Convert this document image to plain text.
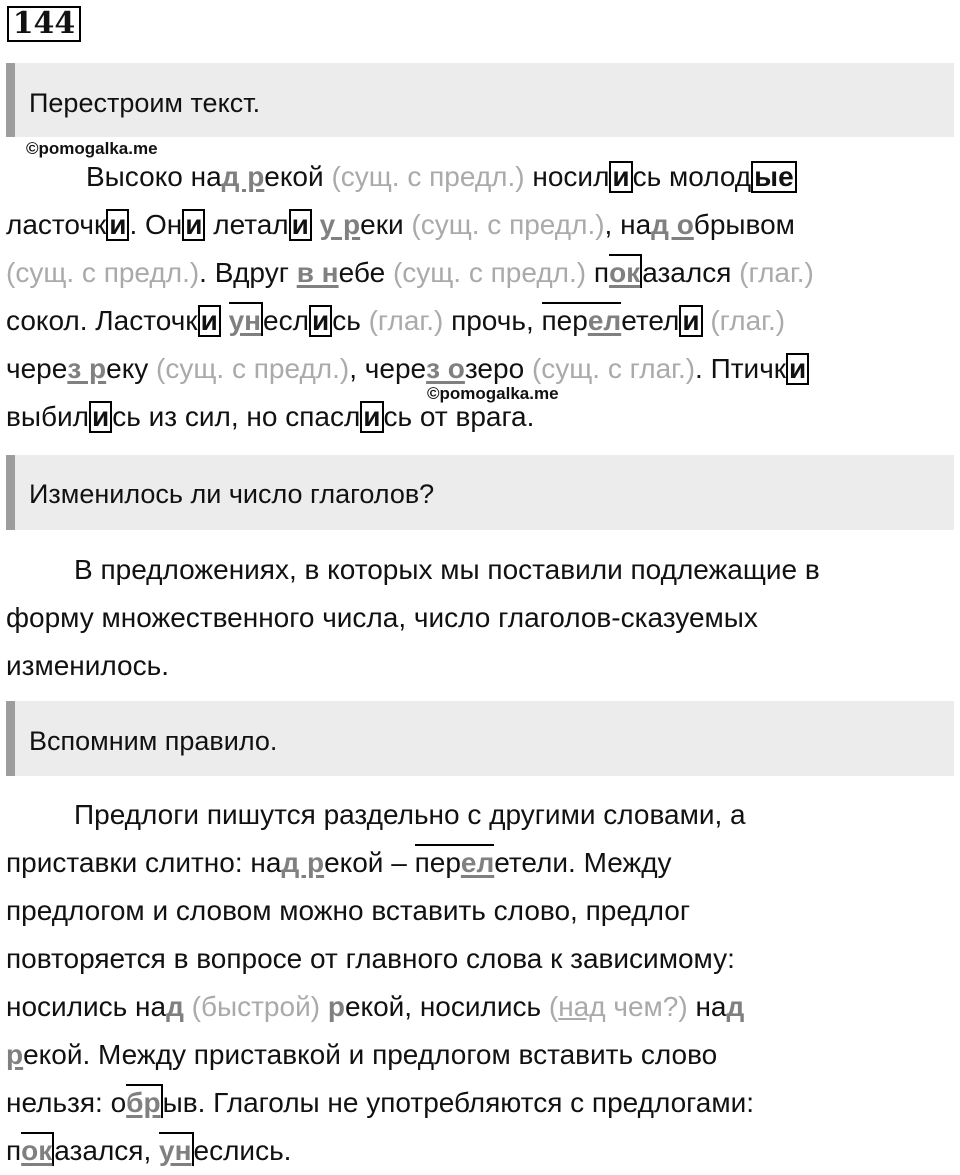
144
Перестроим текст.
©pomogalka.me
Высоко над рекой (сущ. с предл.) носил и сь молод ые
ласточк и . Он и летал и у реки (сущ. с предл.), над обрывом
(сущ. с предл.). Вдруг в небе (сущ. с предл.) показался (глаг.)
сокол. Ласточк и унесл и сь (глаг.) прочь, перелетел и (глаг.)
через реку (сущ. с предл.), через озеро (сущ. с глаг.). Птичк и
выбил и сь из сил, но спасл и сь от врага.
©pomogalka.me
Изменилось ли число глаголов?
В предложениях, в которых мы поставили подлежащие в
форму множественного числа, число глаголов-сказуемых
изменилось.
Вспомним правило.
Предлоги пишутся раздельно с другими словами, а
приставки слитно: над рекой – перелетели. Между
предлогом и словом можно вставить слово, предлог
повторяется в вопросе от главного слова к зависимому:
носились над (быстрой) рекой, носились (над чем?) над
рекой. Между приставкой и предлогом вставить слово
нельзя: обрыв. Глаголы не употребляются с предлогами:
показался, унеслись.
